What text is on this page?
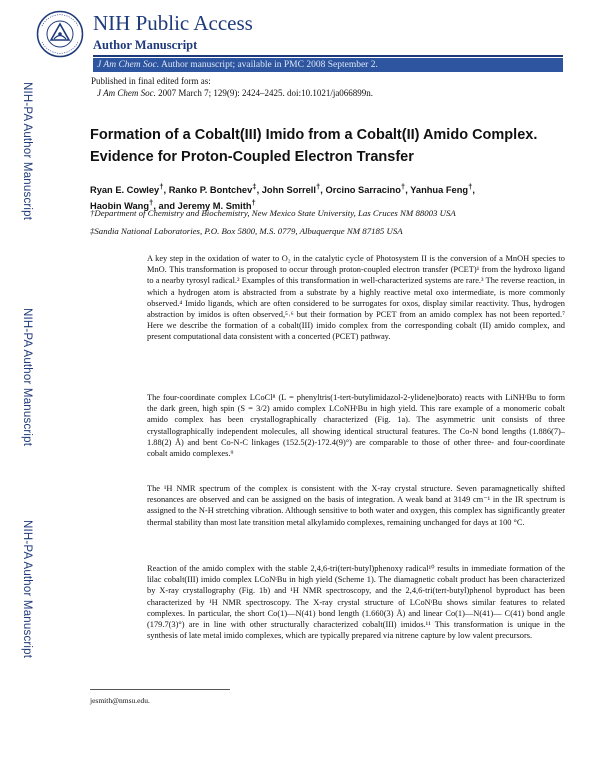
NIH Public Access
Author Manuscript
J Am Chem Soc. Author manuscript; available in PMC 2008 September 2.
Published in final edited form as:
J Am Chem Soc. 2007 March 7; 129(9): 2424–2425. doi:10.1021/ja066899n.
NIH-PA Author Manuscript
NIH-PA Author Manuscript
NIH-PA Author Manuscript
Formation of a Cobalt(III) Imido from a Cobalt(II) Amido Complex.
Evidence for Proton-Coupled Electron Transfer
Ryan E. Cowley†, Ranko P. Bontchev‡, John Sorrell†, Orcino Sarracino†, Yanhua Feng†,
Haobin Wang†, and Jeremy M. Smith†
†Department of Chemistry and Biochemistry, New Mexico State University, Las Cruces NM 88003 USA
‡Sandia National Laboratories, P.O. Box 5800, M.S. 0779, Albuquerque NM 87185 USA

A key step in the oxidation of water to O₂ in the catalytic cycle of Photosystem II is the conversion of a MnOH species to MnO. This transformation is proposed to occur through proton-coupled electron transfer (PCET)¹ from the hydroxo ligand to a nearby tyrosyl radical.² Examples of this transformation in well-characterized systems are rare.³ The reverse reaction, in which a hydrogen atom is abstracted from a substrate by a highly reactive metal oxo intermediate, is more commonly observed.⁴ Imido ligands, which are often considered to be surrogates for oxos, display similar reactivity. Thus, hydrogen abstraction by imidos is often observed,⁵˒⁶ but their formation by PCET from an amido complex has not been reported.⁷ Here we describe the formation of a cobalt(III) imido complex from the corresponding cobalt (II) amido complex, and present computational data consistent with a concerted (PCET) pathway.

The four-coordinate complex LCoCl⁸ (L = phenyltris(1-tert-butylimidazol-2-ylidene)borato) reacts with LiNHᵗBu to form the dark green, high spin (S = 3/2) amido complex LCoNHᵗBu in high yield. This rare example of a monomeric cobalt amido complex has been crystallographically characterized (Fig. 1a). The asymmetric unit consists of three crystallographically independent molecules, all showing identical structural features. The Co-N bond lengths (1.886(7)–1.88(2) Å) and bent Co-N-C linkages (152.5(2)-172.4(9)°) are comparable to those of other three- and four-coordinate cobalt amido complexes.⁹

The ¹H NMR spectrum of the complex is consistent with the X-ray crystal structure. Seven paramagnetically shifted resonances are observed and can be assigned on the basis of integration. A weak band at 3149 cm⁻¹ in the IR spectrum is assigned to the N-H stretching vibration. Although sensitive to both water and oxygen, this complex has significantly greater thermal stability than most late transition metal alkylamido complexes, remaining unchanged for days at 100 °C.

Reaction of the amido complex with the stable 2,4,6-tri(tert-butyl)phenoxy radical¹⁰ results in immediate formation of the lilac cobalt(III) imido complex LCoNᵗBu in high yield (Scheme 1). The diamagnetic cobalt product has been characterized by X-ray crystallography (Fig. 1b) and ¹H NMR spectroscopy, and the 2,4,6-tri(tert-butyl)phenol byproduct has been characterized by ¹H NMR spectroscopy. The X-ray crystal structure of LCoNᵗBu shows similar features to related complexes. In particular, the short Co(1)—N(41) bond length (1.660(3) Å) and linear Co(1)—N(41)— C(41) bond angle (179.7(3)°) are in line with other structurally characterized cobalt(III) imidos.¹¹ This transformation is unique in the synthesis of late metal imido complexes, which are typically prepared via nitrene capture by low valent precursors.

jesmith@nmsu.edu.
